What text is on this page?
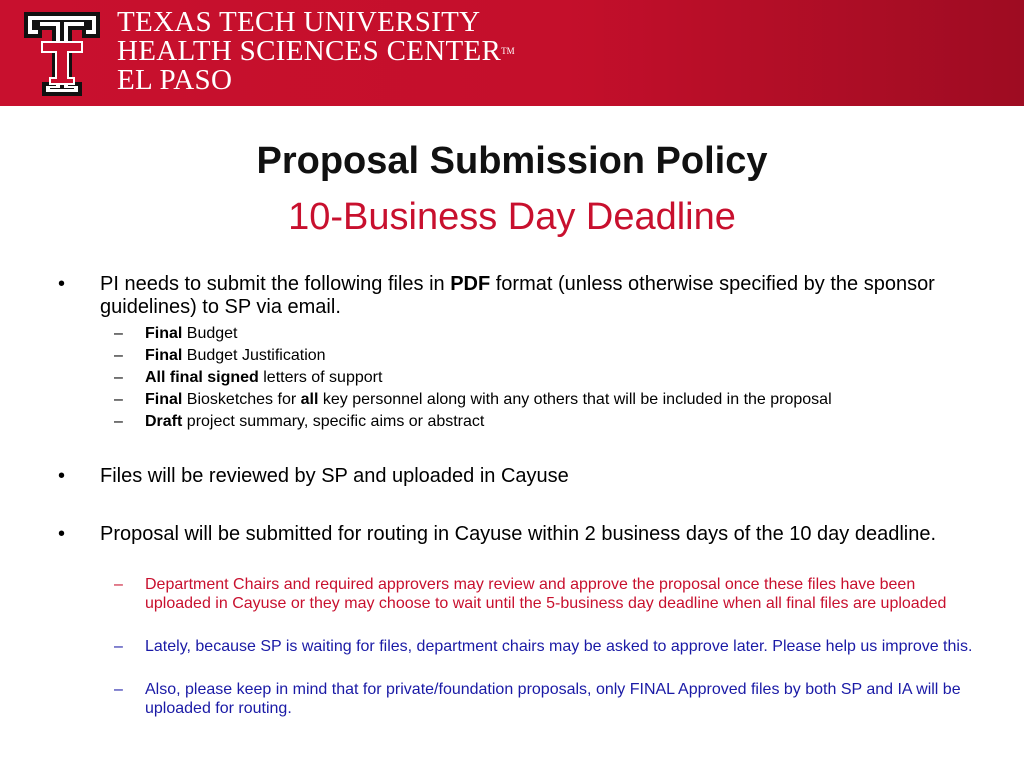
TEXAS TECH UNIVERSITY
HEALTH SCIENCES CENTER™
EL PASO
Proposal Submission Policy
10-Business Day Deadline
• PI needs to submit the following files in PDF format (unless otherwise specified by the sponsor guidelines) to SP via email.
– Final Budget
– Final Budget Justification
– All final signed letters of support
– Final Biosketches for all key personnel along with any others that will be included in the proposal
– Draft project summary, specific aims or abstract
• Files will be reviewed by SP and uploaded in Cayuse
• Proposal will be submitted for routing in Cayuse within 2 business days of the 10 day deadline.
– Department Chairs and required approvers may review and approve the proposal once these files have been uploaded in Cayuse or they may choose to wait until the 5-business day deadline when all final files are uploaded
– Lately, because SP is waiting for files, department chairs may be asked to approve later. Please help us improve this.
– Also, please keep in mind that for private/foundation proposals, only FINAL Approved files by both SP and IA will be uploaded for routing.
